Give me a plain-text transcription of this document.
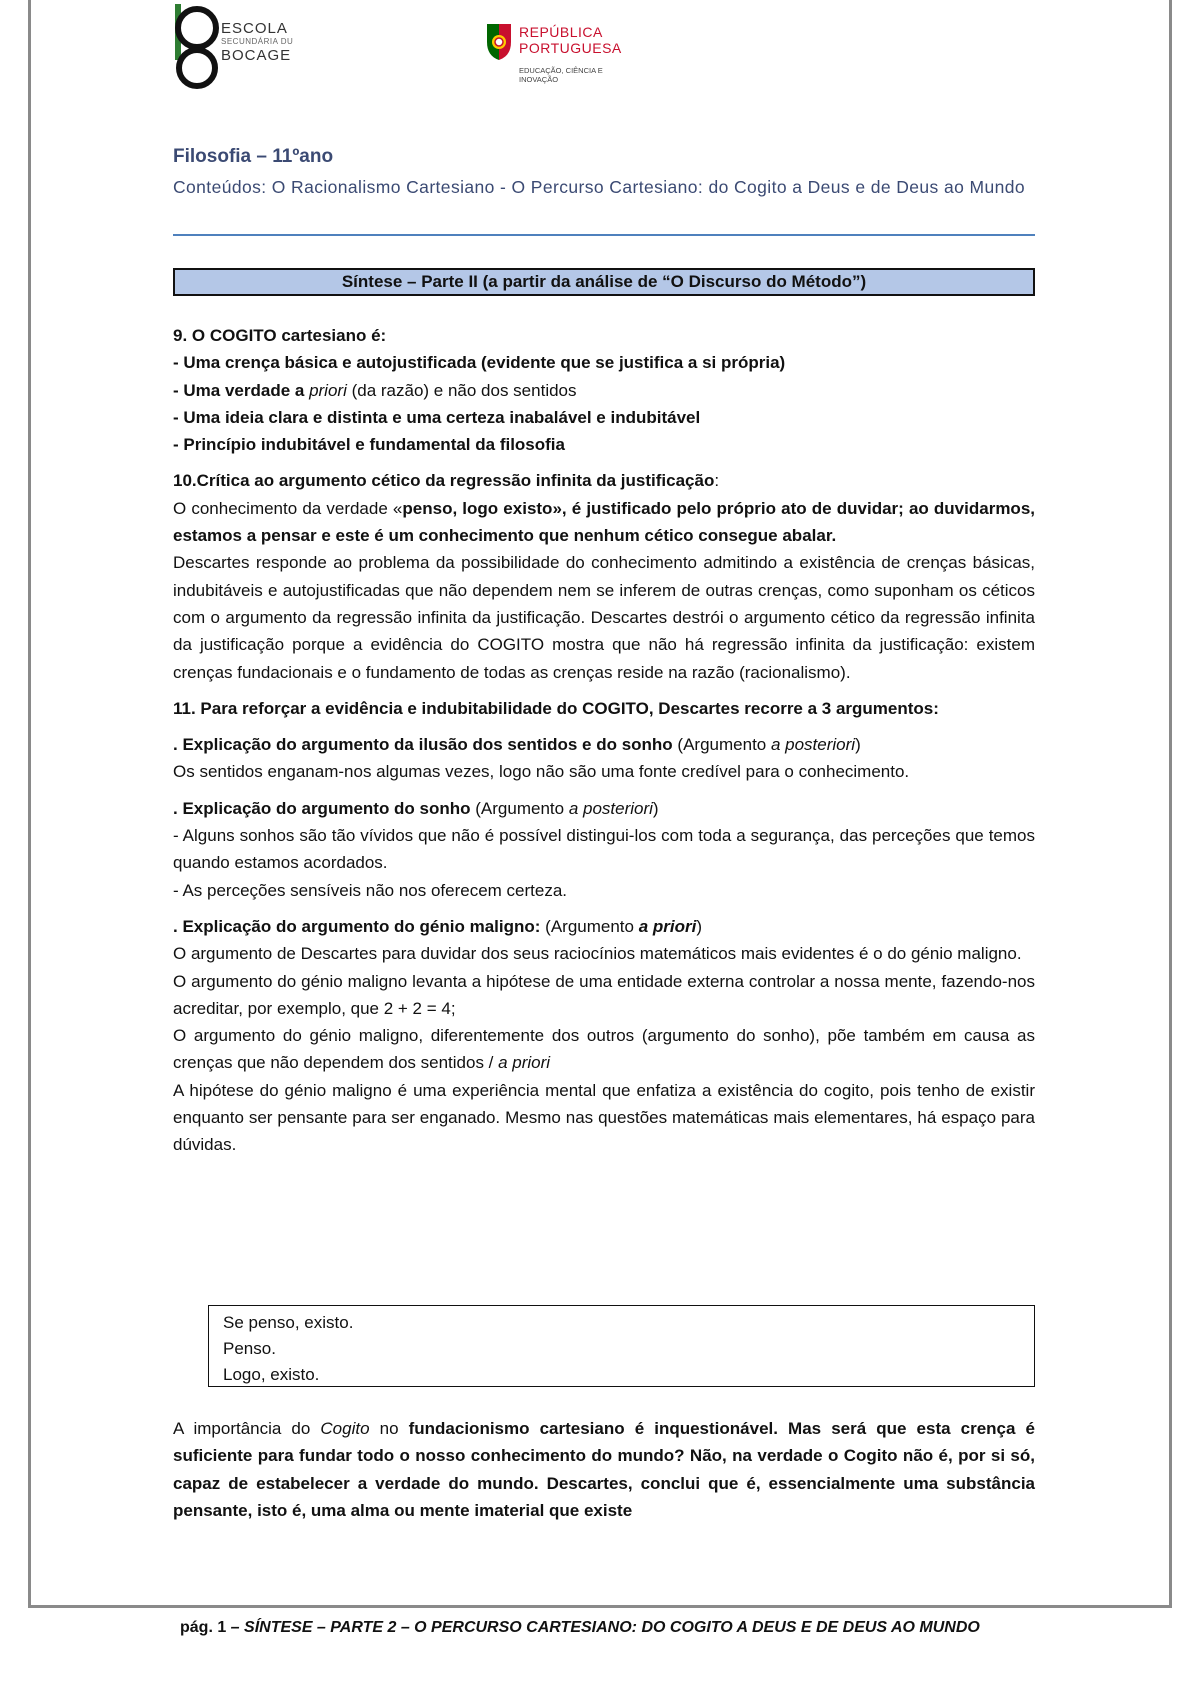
ESCOLA
SECUNDÁRIA DU
BOCAGE
REPÚBLICA
PORTUGUESA
EDUCAÇÃO, CIÊNCIA E INOVAÇÃO
Filosofia – 11ºano
Conteúdos: O Racionalismo Cartesiano - O Percurso Cartesiano: do Cogito a Deus e de Deus ao Mundo
Síntese – Parte II (a partir da análise de “O Discurso do Método”)

9. O COGITO cartesiano é:

- Uma crença básica e autojustificada (evidente que se justifica a si própria)

- Uma verdade a priori (da razão) e não dos sentidos

- Uma ideia clara e distinta e uma certeza inabalável e indubitável

- Princípio indubitável e fundamental da filosofia

10.Crítica ao argumento cético da regressão infinita da justificação:

O conhecimento da verdade «penso, logo existo», é justificado pelo próprio ato de duvidar; ao duvidarmos, estamos a pensar e este é um conhecimento que nenhum cético consegue abalar.

Descartes responde ao problema da possibilidade do conhecimento admitindo a existência de crenças básicas, indubitáveis e autojustificadas que não dependem nem se inferem de outras crenças, como suponham os céticos com o argumento da regressão infinita da justificação. Descartes destrói o argumento cético da regressão infinita da justificação porque a evidência do COGITO mostra que não há regressão infinita da justificação: existem crenças fundacionais e o fundamento de todas as crenças reside na razão (racionalismo).

11. Para reforçar a evidência e indubitabilidade do COGITO, Descartes recorre a 3 argumentos:

. Explicação do argumento da ilusão dos sentidos e do sonho (Argumento a posteriori)

Os sentidos enganam-nos algumas vezes, logo não são uma fonte credível para o conhecimento.

. Explicação do argumento do sonho (Argumento a posteriori)

- Alguns sonhos são tão vívidos que não é possível distingui-los com toda a segurança, das perceções que temos quando estamos acordados.

- As perceções sensíveis não nos oferecem certeza.

. Explicação do argumento do génio maligno: (Argumento a priori)

O argumento de Descartes para duvidar dos seus raciocínios matemáticos mais evidentes é o do génio maligno.

O argumento do génio maligno levanta a hipótese de uma entidade externa controlar a nossa mente, fazendo-nos acreditar, por exemplo, que 2 + 2 = 4;

O argumento do génio maligno, diferentemente dos outros (argumento do sonho), põe também em causa as crenças que não dependem dos sentidos / a priori

A hipótese do génio maligno é uma experiência mental que enfatiza a existência do cogito, pois tenho de existir enquanto ser pensante para ser enganado. Mesmo nas questões matemáticas mais elementares, há espaço para dúvidas.

Se penso, existo.
Penso.
Logo, existo.

A importância do Cogito no fundacionismo cartesiano é inquestionável. Mas será que esta crença é suficiente para fundar todo o nosso conhecimento do mundo? Não, na verdade o Cogito não é, por si só, capaz de estabelecer a verdade do mundo. Descartes, conclui que é, essencialmente uma substância pensante, isto é, uma alma ou mente imaterial que existe

pág. 1 – SÍNTESE – PARTE 2 – O PERCURSO CARTESIANO: DO COGITO A DEUS E DE DEUS AO MUNDO
